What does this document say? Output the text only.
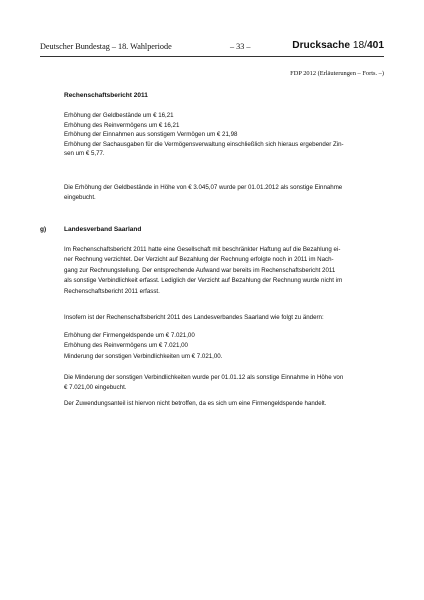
Deutscher Bundestag – 18. Wahlperiode	– 33 –	Drucksache 18/401
FDP 2012 (Erläuterungen – Forts. –)
Rechenschaftsbericht 2011
Erhöhung der Geldbestände um € 16,21
Erhöhung des Reinvermögens um € 16,21
Erhöhung der Einnahmen aus sonstigem Vermögen um € 21,98
Erhöhung der Sachausgaben für die Vermögensverwaltung einschließlich sich hieraus ergebender Zin-
sen um € 5,77.
Die Erhöhung der Geldbestände in Höhe von € 3.045,07 wurde per 01.01.2012 als sonstige Einnahme
eingebucht.
g)	Landesverband Saarland
Im Rechenschaftsbericht 2011 hatte eine Gesellschaft mit beschränkter Haftung auf die Bezahlung ei-
ner Rechnung verzichtet. Der Verzicht auf Bezahlung der Rechnung erfolgte noch in 2011 im Nach-
gang zur Rechnungstellung. Der entsprechende Aufwand war bereits im Rechenschaftsbericht 2011
als sonstige Verbindlichkeit erfasst. Lediglich der Verzicht auf Bezahlung der Rechnung wurde nicht im
Rechenschaftsbericht 2011 erfasst.
Insofern ist der Rechenschaftsbericht 2011 des Landesverbandes Saarland wie folgt zu ändern:
Erhöhung der Firmengeldspende um € 7.021,00
Erhöhung des Reinvermögens um € 7.021,00
Minderung der sonstigen Verbindlichkeiten um € 7.021,00.
Die Minderung der sonstigen Verbindlichkeiten wurde per 01.01.12 als sonstige Einnahme in Höhe von
€ 7.021,00 eingebucht.
Der Zuwendungsanteil ist hiervon nicht betroffen, da es sich um eine Firmengeldspende handelt.
